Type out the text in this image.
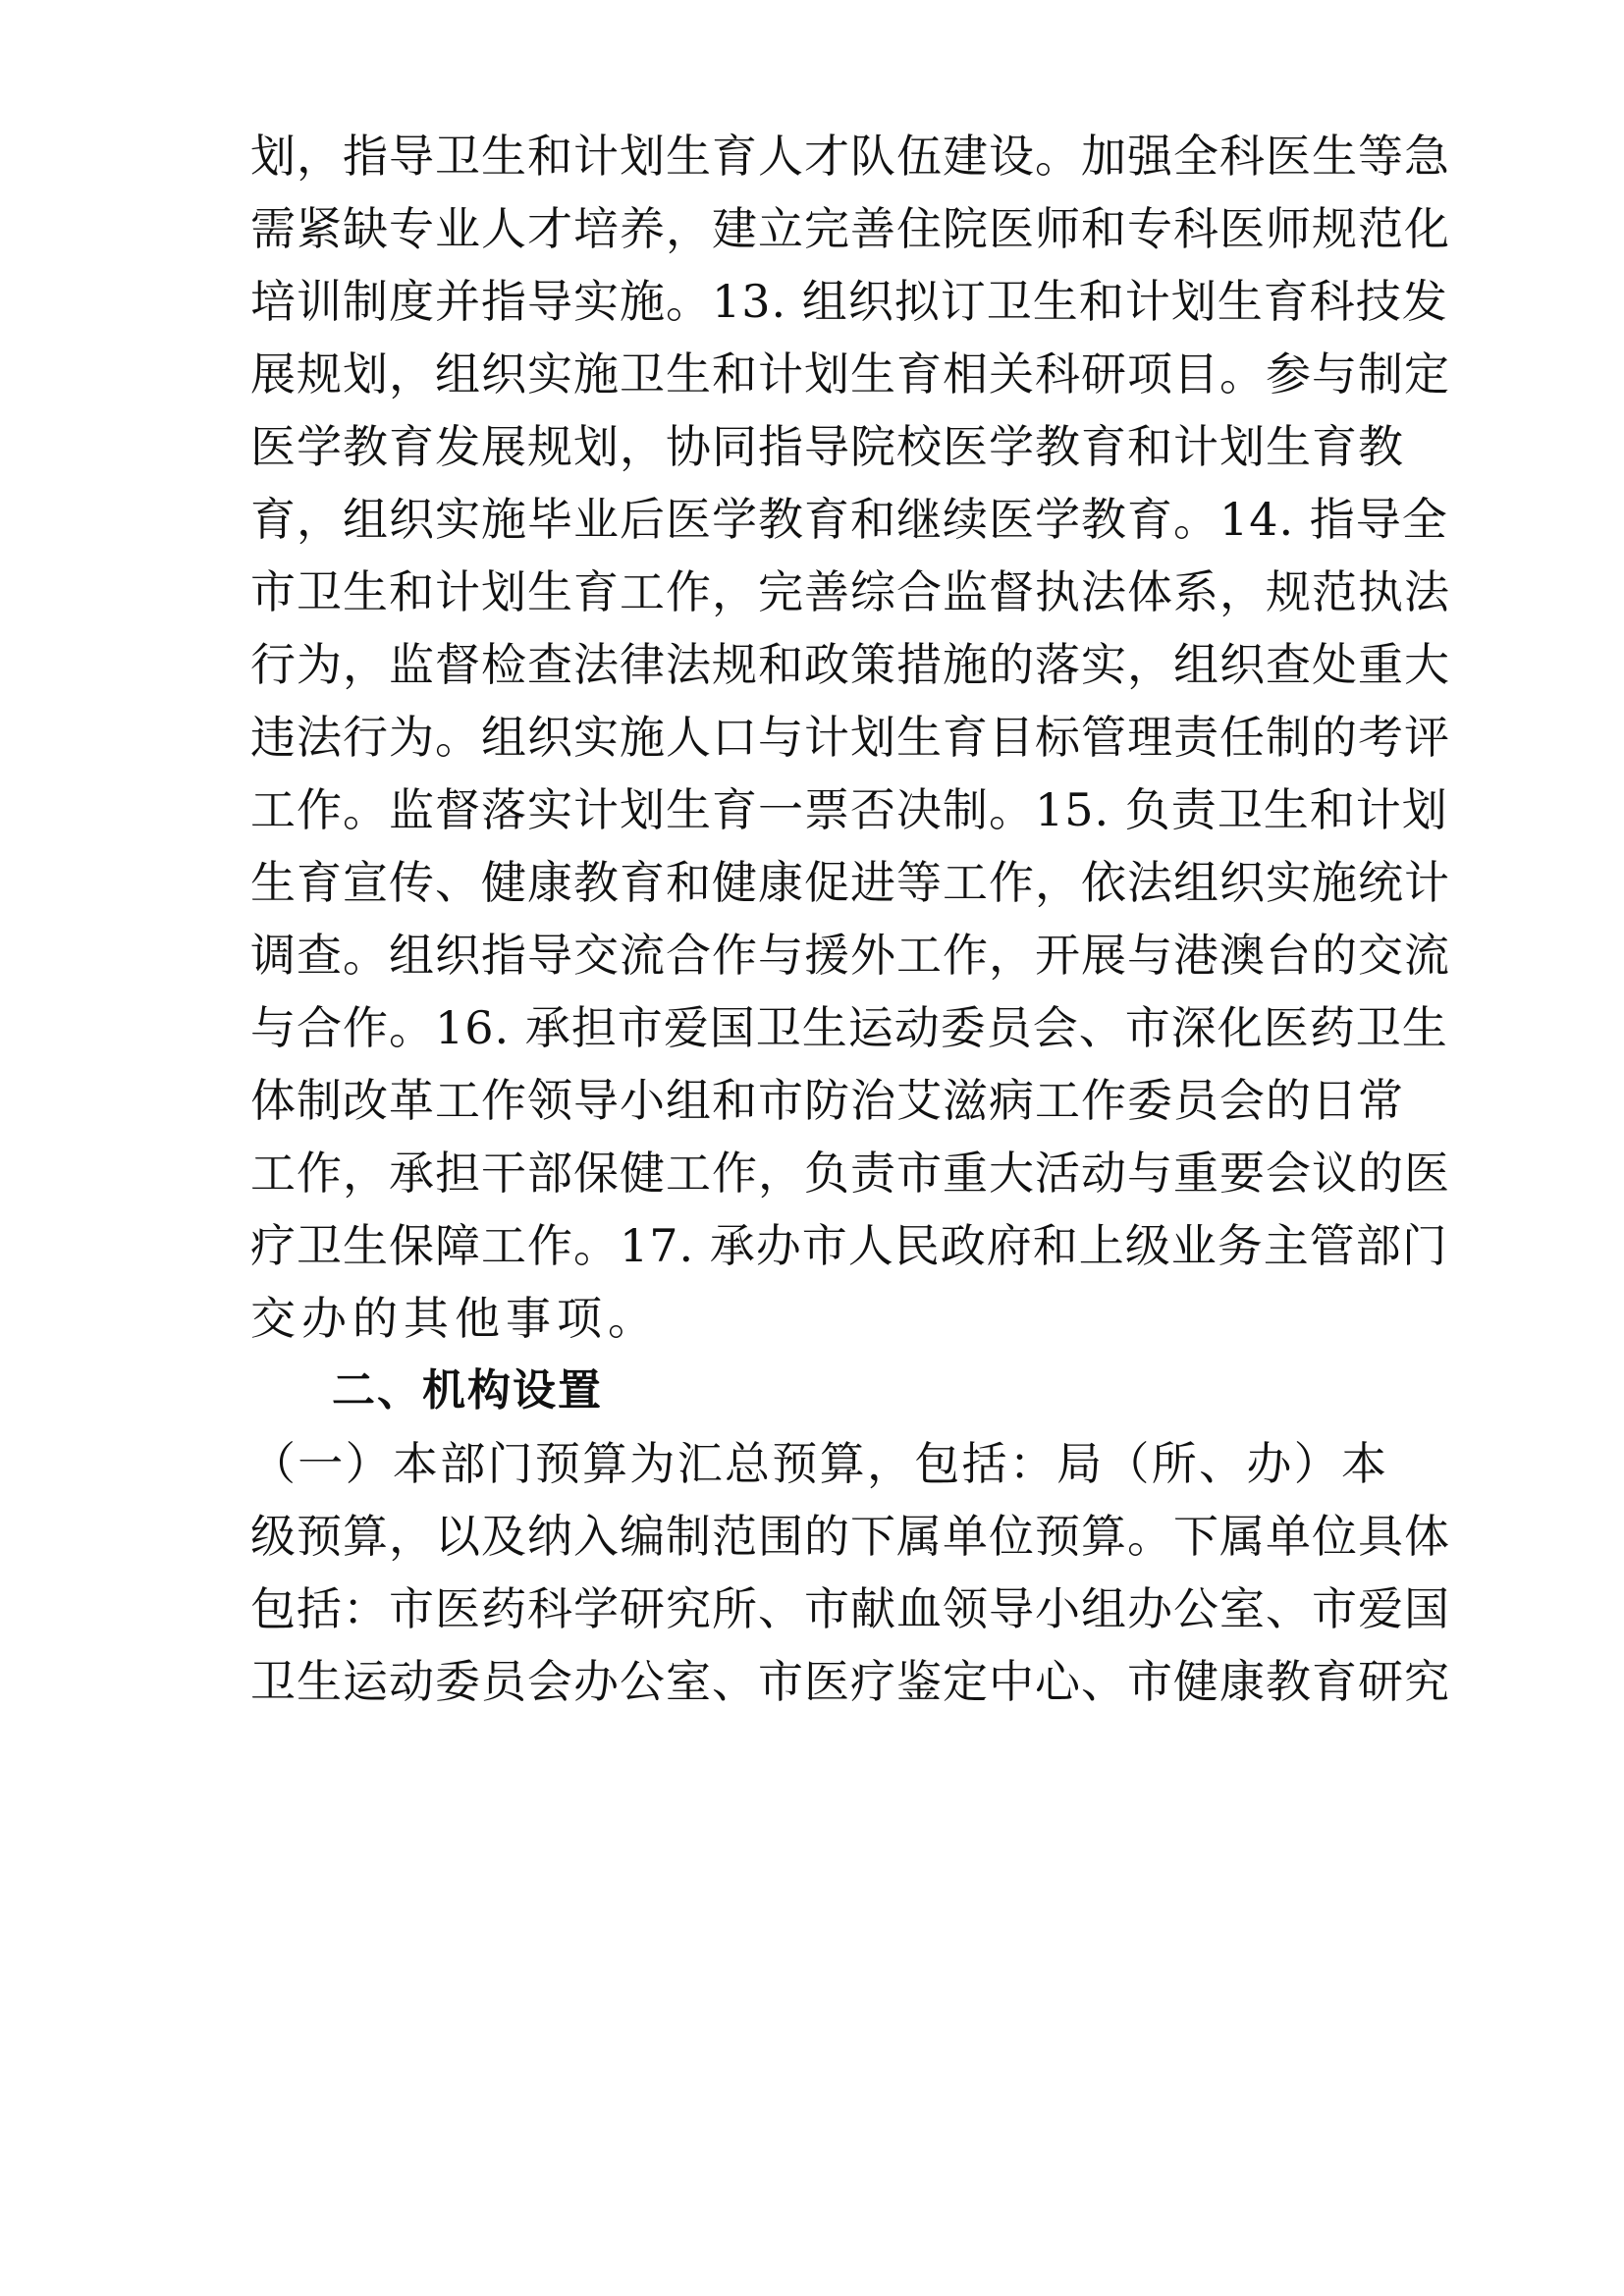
划，指导卫生和计划生育人才队伍建设。加强全科医生等急

需紧缺专业人才培养，建立完善住院医师和专科医师规范化

培训制度并指导实施。13. 组织拟订卫生和计划生育科技发

展规划，组织实施卫生和计划生育相关科研项目。参与制定

医学教育发展规划，协同指导院校医学教育和计划生育教

育，组织实施毕业后医学教育和继续医学教育。14. 指导全

市卫生和计划生育工作，完善综合监督执法体系，规范执法

行为，监督检查法律法规和政策措施的落实，组织查处重大

违法行为。组织实施人口与计划生育目标管理责任制的考评

工作。监督落实计划生育一票否决制。15. 负责卫生和计划

生育宣传、健康教育和健康促进等工作，依法组织实施统计

调查。组织指导交流合作与援外工作，开展与港澳台的交流

与合作。16. 承担市爱国卫生运动委员会、市深化医药卫生

体制改革工作领导小组和市防治艾滋病工作委员会的日常

工作，承担干部保健工作，负责市重大活动与重要会议的医

疗卫生保障工作。17. 承办市人民政府和上级业务主管部门

交办的其他事项。

二、机构设置

（一）本部门预算为汇总预算，包括：局（所、办）本

级预算，以及纳入编制范围的下属单位预算。下属单位具体

包括：市医药科学研究所、市献血领导小组办公室、市爱国

卫生运动委员会办公室、市医疗鉴定中心、市健康教育研究
